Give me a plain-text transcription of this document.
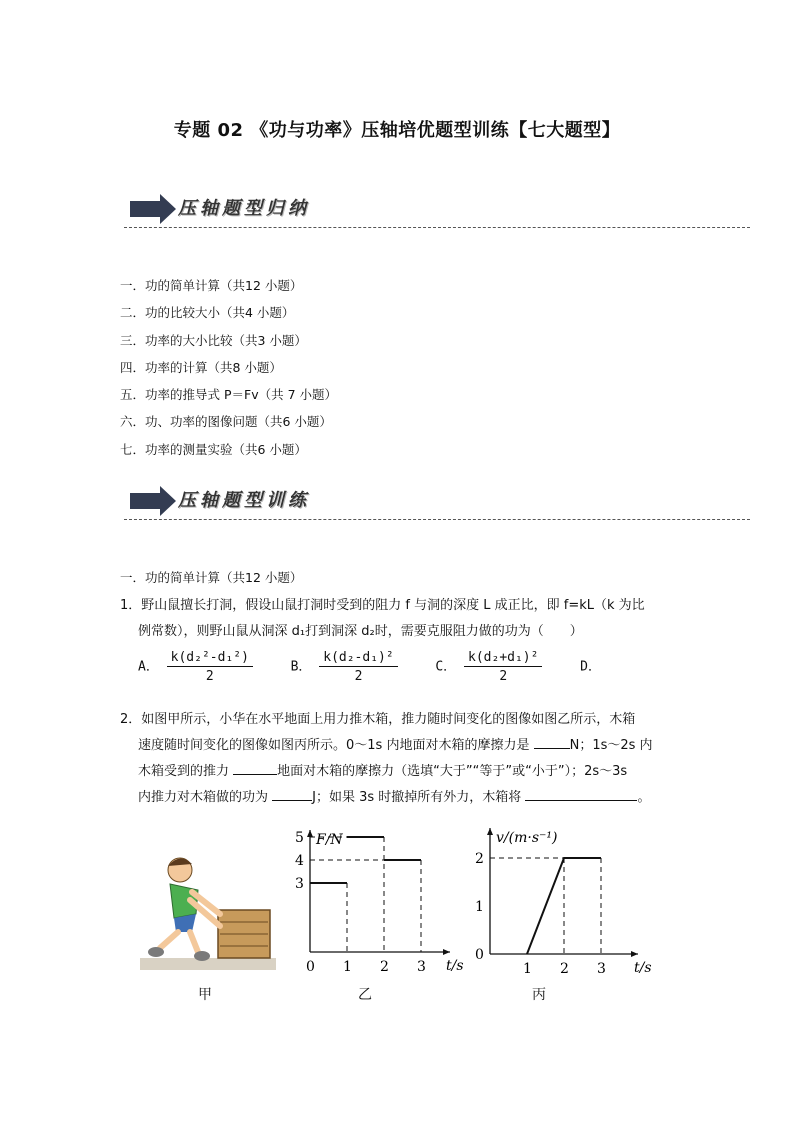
专题 02 《功与功率》压轴培优题型训练【七大题型】
压轴题型归纳
一．功的简单计算（共12 小题）
二．功的比较大小（共4 小题）
三．功率的大小比较（共3 小题）
四．功率的计算（共8 小题）
五．功率的推导式 P＝Fv（共 7 小题）
六．功、功率的图像问题（共6 小题）
七．功率的测量实验（共6 小题）
压轴题型训练
一．功的简单计算（共12 小题）
1．野山鼠擅长打洞，假设山鼠打洞时受到的阻力 f 与洞的深度 L 成正比，即 f=kL（k 为比
例常数），则野山鼠从洞深 d₁打到洞深 d₂时，需要克服阻力做的功为（　　）
A． $\frac{\text{k(d₂²-d₁²)}}{2}$	B． $\frac{\text{k(d₂-d₁)²}}{2}$	C． $\frac{\text{k(d₂+d₁)²}}{2}$	D．
2．如图甲所示，小华在水平地面上用力推木箱，推力随时间变化的图像如图乙所示，木箱
速度随时间变化的图像如图丙所示。0～1s 内地面对木箱的摩擦力是	N；1s～2s 内
木箱受到的推力	地面对木箱的摩擦力（选填“大于”“等于”或“小于”）；2s～3s
内推力对木箱做的功为	J；如果 3s 时撤掉所有外力，木箱将	。
F/N
t/s
0 1 2 3
3
4
5	v/(m·s⁻¹)
t/s
1 2 3
0
1
2
甲	乙	丙
